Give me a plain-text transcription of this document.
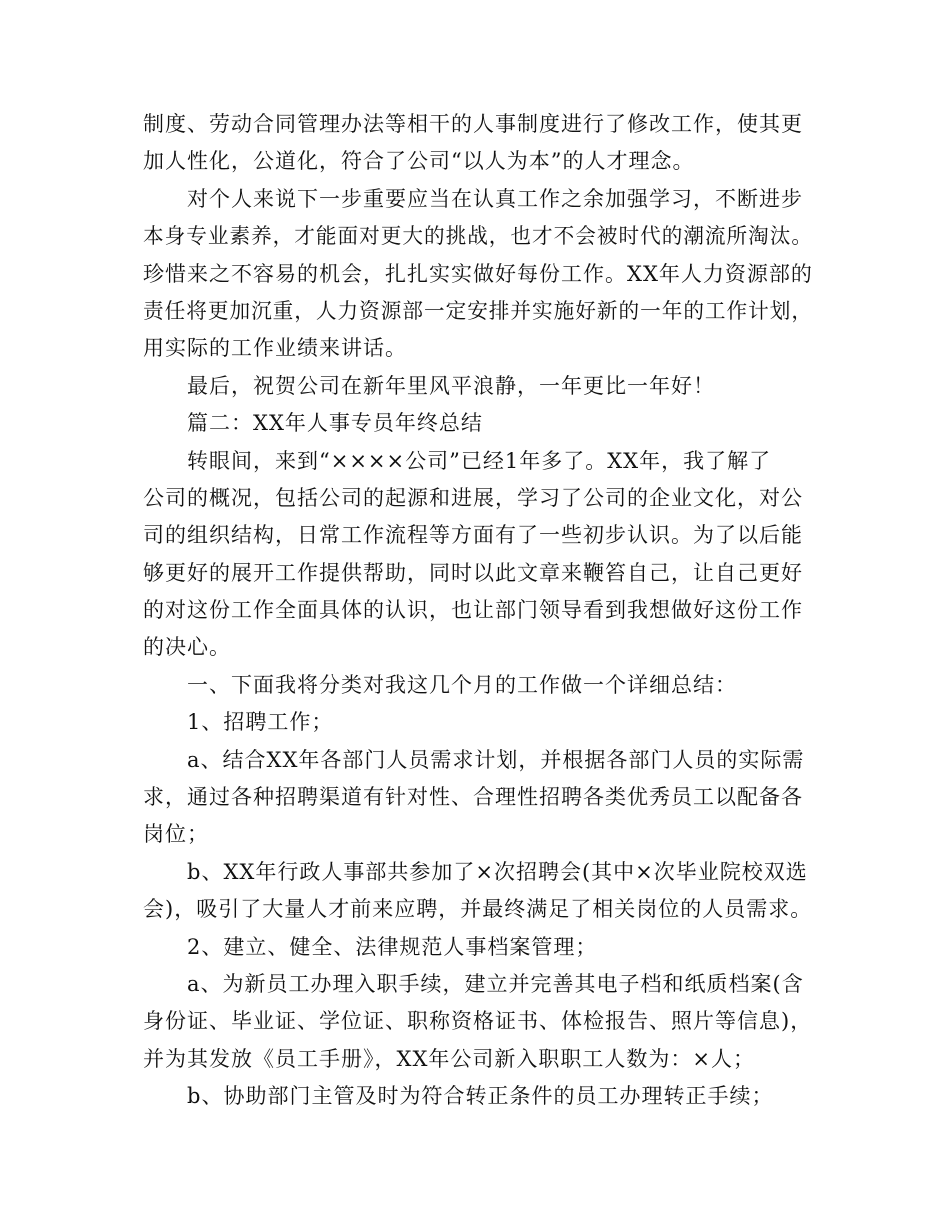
制度、劳动合同管理办法等相干的人事制度进行了修改工作，使其更
加人性化，公道化，符合了公司“以人为本”的人才理念。
对个人来说下一步重要应当在认真工作之余加强学习，不断进步
本身专业素养，才能面对更大的挑战，也才不会被时代的潮流所淘汰。
珍惜来之不容易的机会，扎扎实实做好每份工作。XX年人力资源部的
责任将更加沉重，人力资源部一定安排并实施好新的一年的工作计划，
用实际的工作业绩来讲话。
最后，祝贺公司在新年里风平浪静，一年更比一年好！
篇二：XX年人事专员年终总结
转眼间，来到“××××公司”已经1年多了。XX年，我了解了
公司的概况，包括公司的起源和进展，学习了公司的企业文化，对公
司的组织结构，日常工作流程等方面有了一些初步认识。为了以后能
够更好的展开工作提供帮助，同时以此文章来鞭笞自己，让自己更好
的对这份工作全面具体的认识，也让部门领导看到我想做好这份工作
的决心。
一、下面我将分类对我这几个月的工作做一个详细总结：
1、招聘工作；
a、结合XX年各部门人员需求计划，并根据各部门人员的实际需
求，通过各种招聘渠道有针对性、合理性招聘各类优秀员工以配备各
岗位；
b、XX年行政人事部共参加了×次招聘会(其中×次毕业院校双选
会)，吸引了大量人才前来应聘，并最终满足了相关岗位的人员需求。
2、建立、健全、法律规范人事档案管理；
a、为新员工办理入职手续，建立并完善其电子档和纸质档案(含
身份证、毕业证、学位证、职称资格证书、体检报告、照片等信息)，
并为其发放《员工手册》，XX年公司新入职职工人数为：×人；
b、协助部门主管及时为符合转正条件的员工办理转正手续；
